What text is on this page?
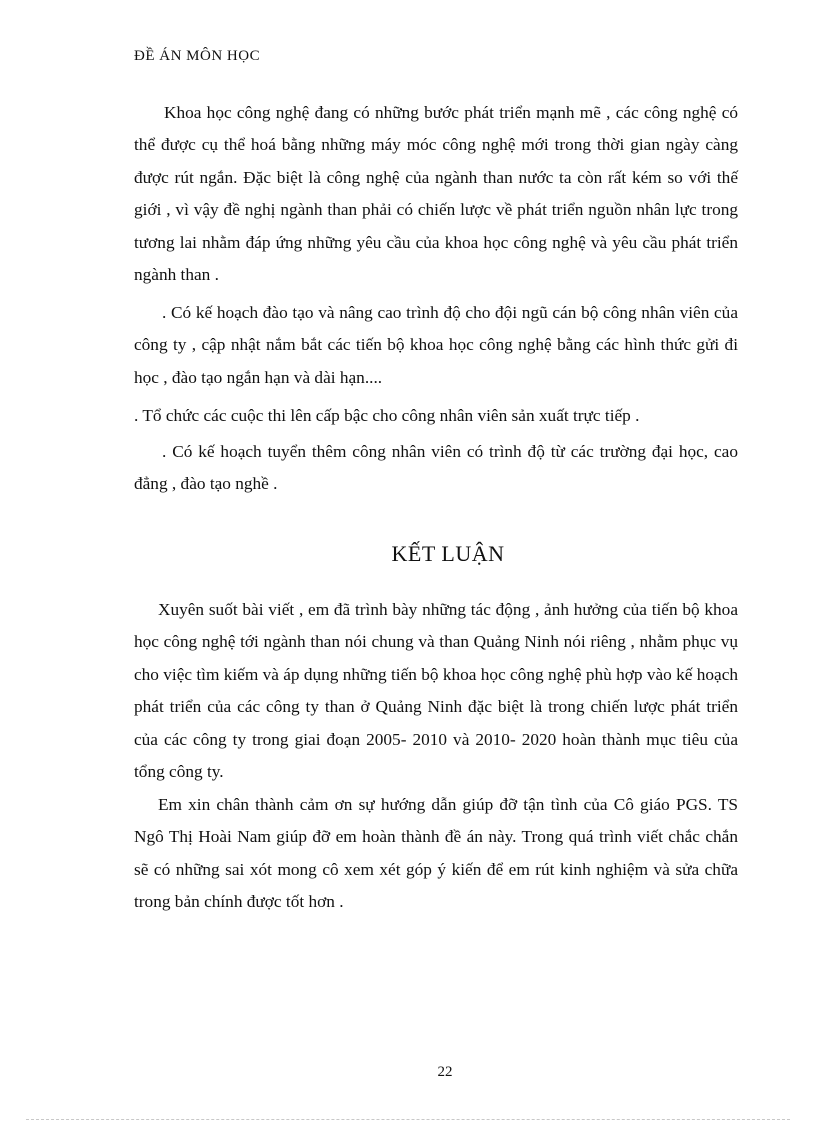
ĐỀ ÁN MÔN HỌC

Khoa học công nghệ đang có những bước phát triển mạnh mẽ , các công nghệ có thể được cụ thể hoá bằng những máy móc công nghệ mới trong thời gian ngày càng được rút ngắn. Đặc biệt là công nghệ của ngành than nước ta còn rất kém so với thế giới , vì vậy đề nghị ngành than phải có chiến lược về phát triển nguồn nhân lực trong tương lai nhằm đáp ứng những yêu cầu của khoa học công nghệ và yêu cầu phát triển ngành than .

. Có kế hoạch đào tạo và nâng cao trình độ cho đội ngũ cán bộ công nhân viên của công ty , cập nhật nắm bắt các tiến bộ khoa học công nghệ bằng các hình thức gửi đi học , đào tạo ngắn hạn và dài hạn....

. Tổ chức các cuộc thi lên cấp bậc cho công nhân viên sản xuất trực tiếp .

. Có kế hoạch tuyển thêm công nhân viên có trình độ từ các trường đại học, cao đẳng , đào tạo nghề .

KẾT LUẬN

Xuyên suốt bài viết , em đã trình bày những tác động , ảnh hưởng của tiến bộ khoa học công nghệ tới ngành than nói chung và than Quảng Ninh nói riêng , nhằm phục vụ cho việc tìm kiếm và áp dụng những tiến bộ khoa học công nghệ phù hợp vào kế hoạch phát triển của các công ty than ở Quảng Ninh đặc biệt là trong chiến lược phát triển của các công ty trong giai đoạn 2005- 2010 và 2010- 2020 hoàn thành mục tiêu của tổng công ty.

Em xin chân thành cảm ơn sự hướng dẫn giúp đỡ tận tình của Cô giáo PGS. TS Ngô Thị Hoài Nam giúp đỡ em hoàn thành đề án này. Trong quá trình viết chắc chắn sẽ có những sai xót mong cô xem xét góp ý kiến để em rút kinh nghiệm và sửa chữa trong bản chính được tốt hơn .

22
